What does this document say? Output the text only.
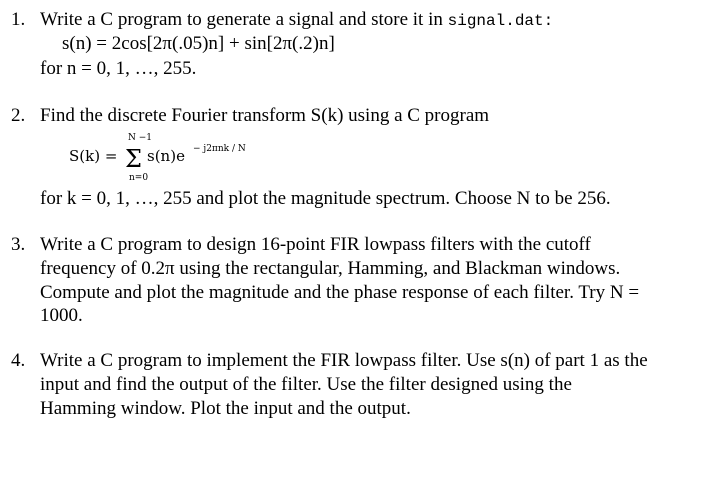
1. Write a C program to generate a signal and store it in signal.dat:
s(n) = 2cos[2π(.05)n] + sin[2π(.2)n]
for n = 0, 1, …, 255.
2. Find the discrete Fourier transform S(k) using a C program
S(k) =
N −1
Σ
n=0
s(n)e − j2πnk / N
for k = 0, 1, …, 255 and plot the magnitude spectrum. Choose N to be 256.
3. Write a C program to design 16-point FIR lowpass filters with the cutoff
frequency of 0.2π using the rectangular, Hamming, and Blackman windows.
Compute and plot the magnitude and the phase response of each filter. Try N =
1000.
4. Write a C program to implement the FIR lowpass filter. Use s(n) of part 1 as the
input and find the output of the filter. Use the filter designed using the
Hamming window. Plot the input and the output.
